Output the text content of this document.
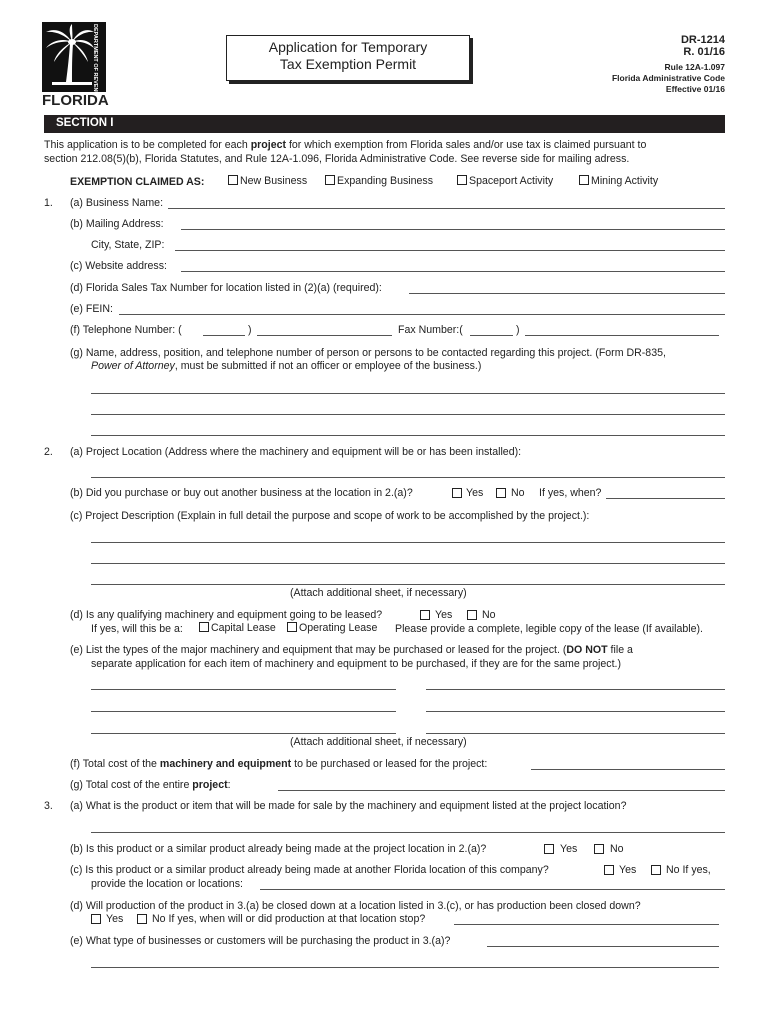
DEPARTMENT OF REVENUE
FLORIDA
Application for Temporary
Tax Exemption Permit
DR-1214
R. 01/16
Rule 12A-1.097
Florida Administrative Code
Effective 01/16
SECTION I
This application is to be completed for each project for which exemption from Florida sales and/or use tax is claimed pursuant to
section 212.08(5)(b), Florida Statutes, and Rule 12A-1.096, Florida Administrative Code. See reverse side for mailing adress.
EXEMPTION CLAIMED AS:	New Business	Expanding Business	Spaceport Activity	Mining Activity
1. (a) Business Name:
(b) Mailing Address:
City, State, ZIP:
(c) Website address:
(d) Florida Sales Tax Number for location listed in (2)(a) (required):
(e) FEIN:
(f) Telephone Number: (	)	Fax Number:(	)
(g) Name, address, position, and telephone number of person or persons to be contacted regarding this project. (Form DR-835,
Power of Attorney, must be submitted if not an officer or employee of the business.)
2. (a) Project Location (Address where the machinery and equipment will be or has been installed):
(b) Did you purchase or buy out another business at the location in 2.(a)?	Yes	No If yes, when?
(c) Project Description (Explain in full detail the purpose and scope of work to be accomplished by the project.):
(Attach additional sheet, if necessary)
(d) Is any qualifying machinery and equipment going to be leased?	Yes	No
If yes, will this be a:	Capital Lease	Operating Lease Please provide a complete, legible copy of the lease (If available).
(e) List the types of the major machinery and equipment that may be purchased or leased for the project. (DO NOT file a
separate application for each item of machinery and equipment to be purchased, if they are for the same project.)
(Attach additional sheet, if necessary)
(f) Total cost of the machinery and equipment to be purchased or leased for the project:
(g) Total cost of the entire project:
3. (a) What is the product or item that will be made for sale by the machinery and equipment listed at the project location?
(b) Is this product or a similar product already being made at the project location in 2.(a)?	Yes	No
(c) Is this product or a similar product already being made at another Florida location of this company?	Yes	No If yes,
provide the location or locations:
(d) Will production of the product in 3.(a) be closed down at a location listed in 3.(c), or has production been closed down?
Yes	No If yes, when will or did production at that location stop?
(e) What type of businesses or customers will be purchasing the product in 3.(a)?
